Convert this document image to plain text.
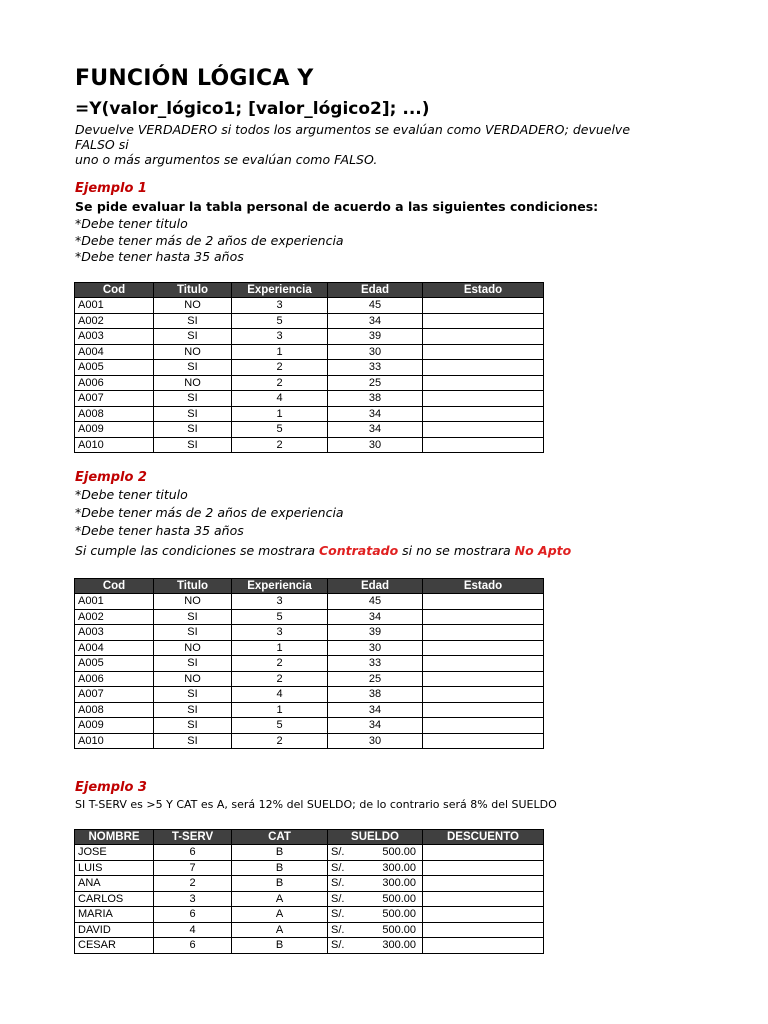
FUNCIÓN LÓGICA Y
=Y(valor_lógico1; [valor_lógico2]; ...)
Devuelve VERDADERO si todos los argumentos se evalúan como VERDADERO; devuelve FALSO si
uno o más argumentos se evalúan como FALSO.
Ejemplo 1
Se pide evaluar la tabla personal de acuerdo a las siguientes condiciones:
*Debe tener titulo
*Debe tener más de 2 años de experiencia
*Debe tener hasta 35 años
Cod	Titulo	Experiencia	Edad	Estado
A001	NO	3	45	
A002	SI	5	34	
A003	SI	3	39	
A004	NO	1	30	
A005	SI	2	33	
A006	NO	2	25	
A007	SI	4	38	
A008	SI	1	34	
A009	SI	5	34	
A010	SI	2	30	
Ejemplo 2
*Debe tener titulo
*Debe tener más de 2 años de experiencia
*Debe tener hasta 35 años
Si cumple las condiciones se mostrara Contratado si no se mostrara No Apto
Cod	Titulo	Experiencia	Edad	Estado
A001	NO	3	45	
A002	SI	5	34	
A003	SI	3	39	
A004	NO	1	30	
A005	SI	2	33	
A006	NO	2	25	
A007	SI	4	38	
A008	SI	1	34	
A009	SI	5	34	
A010	SI	2	30	
Ejemplo 3
SI T-SERV es >5 Y CAT es A, será 12% del SUELDO; de lo contrario será 8% del SUELDO
NOMBRE	T-SERV	CAT	SUELDO	DESCUENTO
JOSE	6	B	S/. 500.00	

LUIS	7	B	S/. 300.00	

ANA	2	B	S/. 300.00	

CARLOS	3	A	S/. 500.00	

MARIA	6	A	S/. 500.00	

DAVID	4	A	S/. 500.00	

CESAR	6	B	S/. 300.00	
